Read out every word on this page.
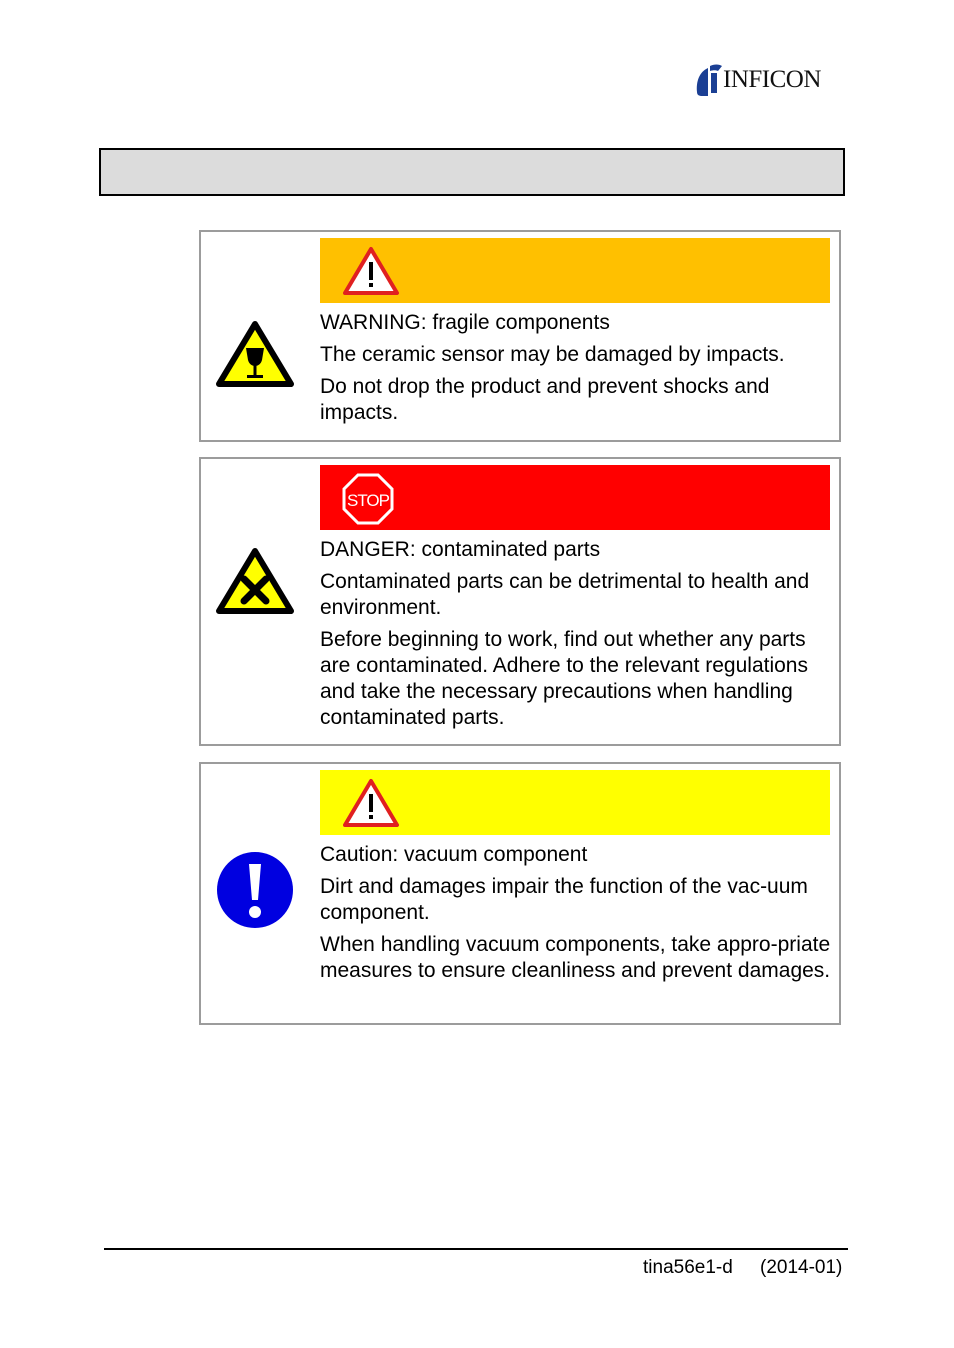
INFICON

WARNING: fragile components

The ceramic sensor may be damaged by impacts.

Do not drop the product and prevent shocks and impacts.

STOP

DANGER: contaminated parts

Contaminated parts can be detrimental to health and environment.

Before beginning to work, find out whether any parts are contaminated. Adhere to the relevant regulations and take the necessary precautions when handling contaminated parts.

Caution: vacuum component

Dirt and damages impair the function of the vac-uum component.

When handling vacuum components, take appro-priate measures to ensure cleanliness and prevent damages.

tina56e1-d (2014-01)
